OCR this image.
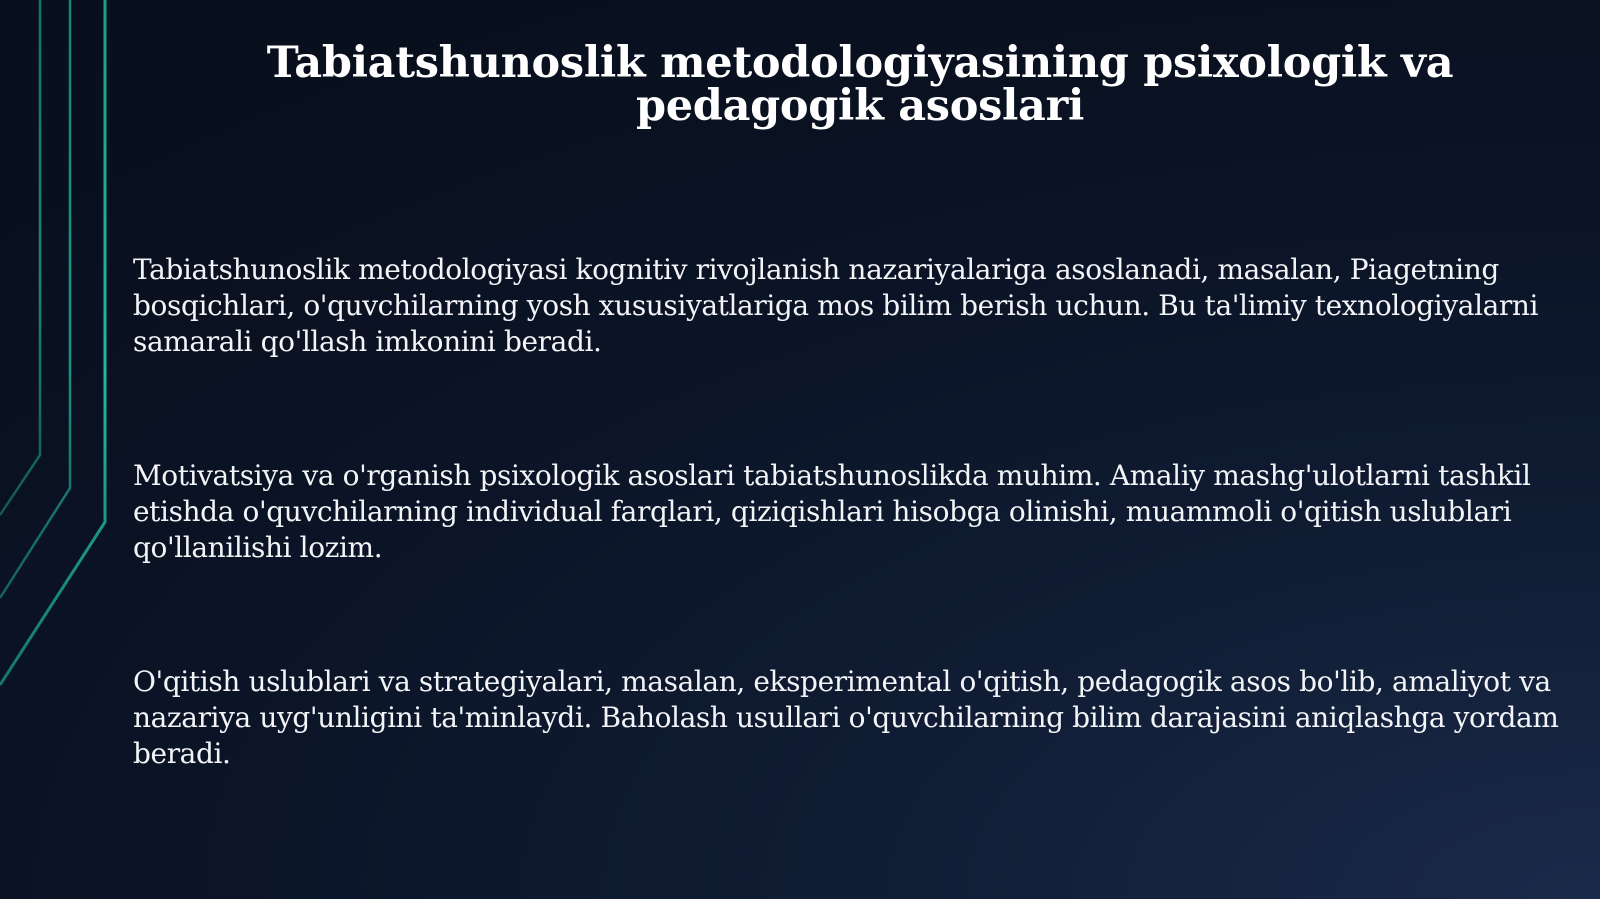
Tabiatshunoslik metodologiyasining psixologik va pedagogik asoslari

Tabiatshunoslik metodologiyasi kognitiv rivojlanish nazariyalariga asoslanadi, masalan, Piagetning bosqichlari, o'quvchilarning yosh xususiyatlariga mos bilim berish uchun. Bu ta'limiy texnologiyalarni samarali qo'llash imkonini beradi.

Motivatsiya va o'rganish psixologik asoslari tabiatshunoslikda muhim. Amaliy mashg'ulotlarni tashkil etishda o'quvchilarning individual farqlari, qiziqishlari hisobga olinishi, muammoli o'qitish uslublari qo'llanilishi lozim.

O'qitish uslublari va strategiyalari, masalan, eksperimental o'qitish, pedagogik asos bo'lib, amaliyot va nazariya uyg'unligini ta'minlaydi. Baholash usullari o'quvchilarning bilim darajasini aniqlashga yordam beradi.
